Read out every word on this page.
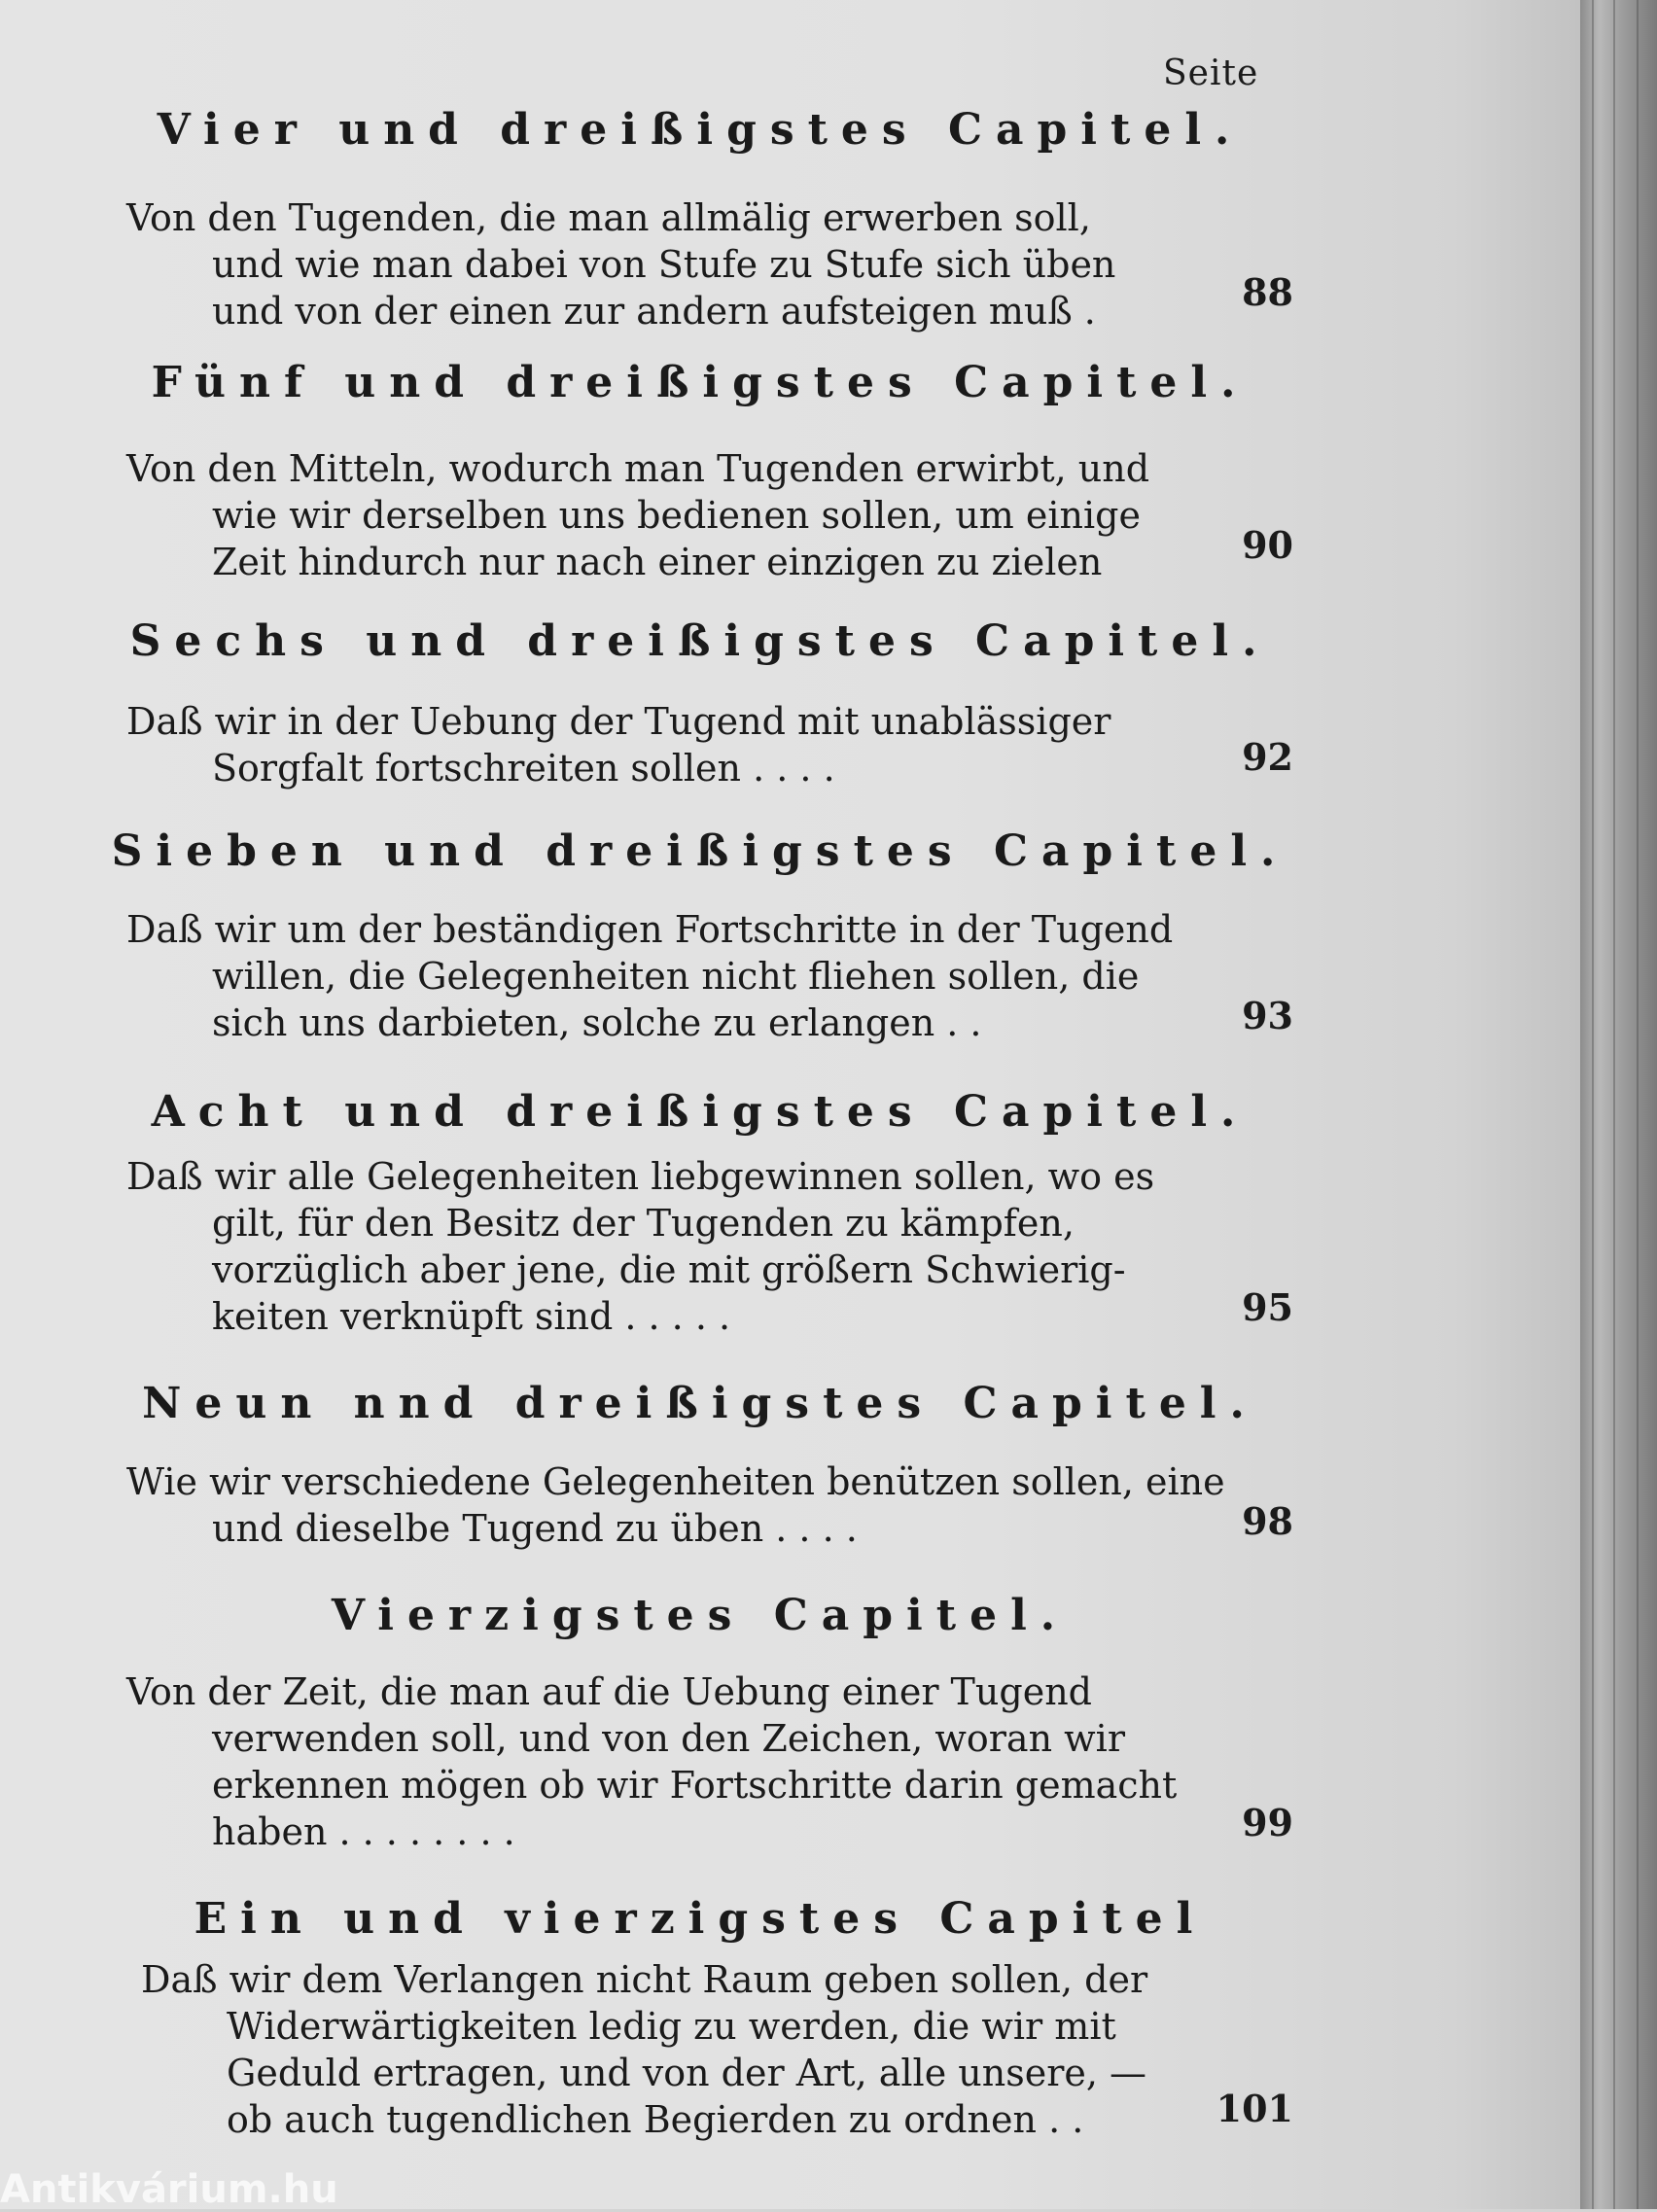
Seite
Vier und dreißigstes Capitel.
Von den Tugenden, die man allmälig erwerben soll,
und wie man dabei von Stufe zu Stufe sich üben
und von der einen zur andern aufsteigen muß .	88
Fünf und dreißigstes Capitel.
Von den Mitteln, wodurch man Tugenden erwirbt, und
wie wir derselben uns bedienen sollen, um einige
Zeit hindurch nur nach einer einzigen zu zielen	90
Sechs und dreißigstes Capitel.
Daß wir in der Uebung der Tugend mit unablässiger
Sorgfalt fortschreiten sollen . . . .	92
Sieben und dreißigstes Capitel.
Daß wir um der beständigen Fortschritte in der Tugend
willen, die Gelegenheiten nicht fliehen sollen, die
sich uns darbieten, solche zu erlangen . .	93
Acht und dreißigstes Capitel.
Daß wir alle Gelegenheiten liebgewinnen sollen, wo es
gilt, für den Besitz der Tugenden zu kämpfen,
vorzüglich aber jene, die mit größern Schwierig-
keiten verknüpft sind . . . . .	95
Neun nnd dreißigstes Capitel.
Wie wir verschiedene Gelegenheiten benützen sollen, eine
und dieselbe Tugend zu üben . . . .	98
Vierzigstes Capitel.
Von der Zeit, die man auf die Uebung einer Tugend
verwenden soll, und von den Zeichen, woran wir
erkennen mögen ob wir Fortschritte darin gemacht
haben . . . . . . . .	99
Ein und vierzigstes Capitel
Daß wir dem Verlangen nicht Raum geben sollen, der
Widerwärtigkeiten ledig zu werden, die wir mit
Geduld ertragen, und von der Art, alle unsere, —
ob auch tugendlichen Begierden zu ordnen . .	101
Antikvárium.hu
